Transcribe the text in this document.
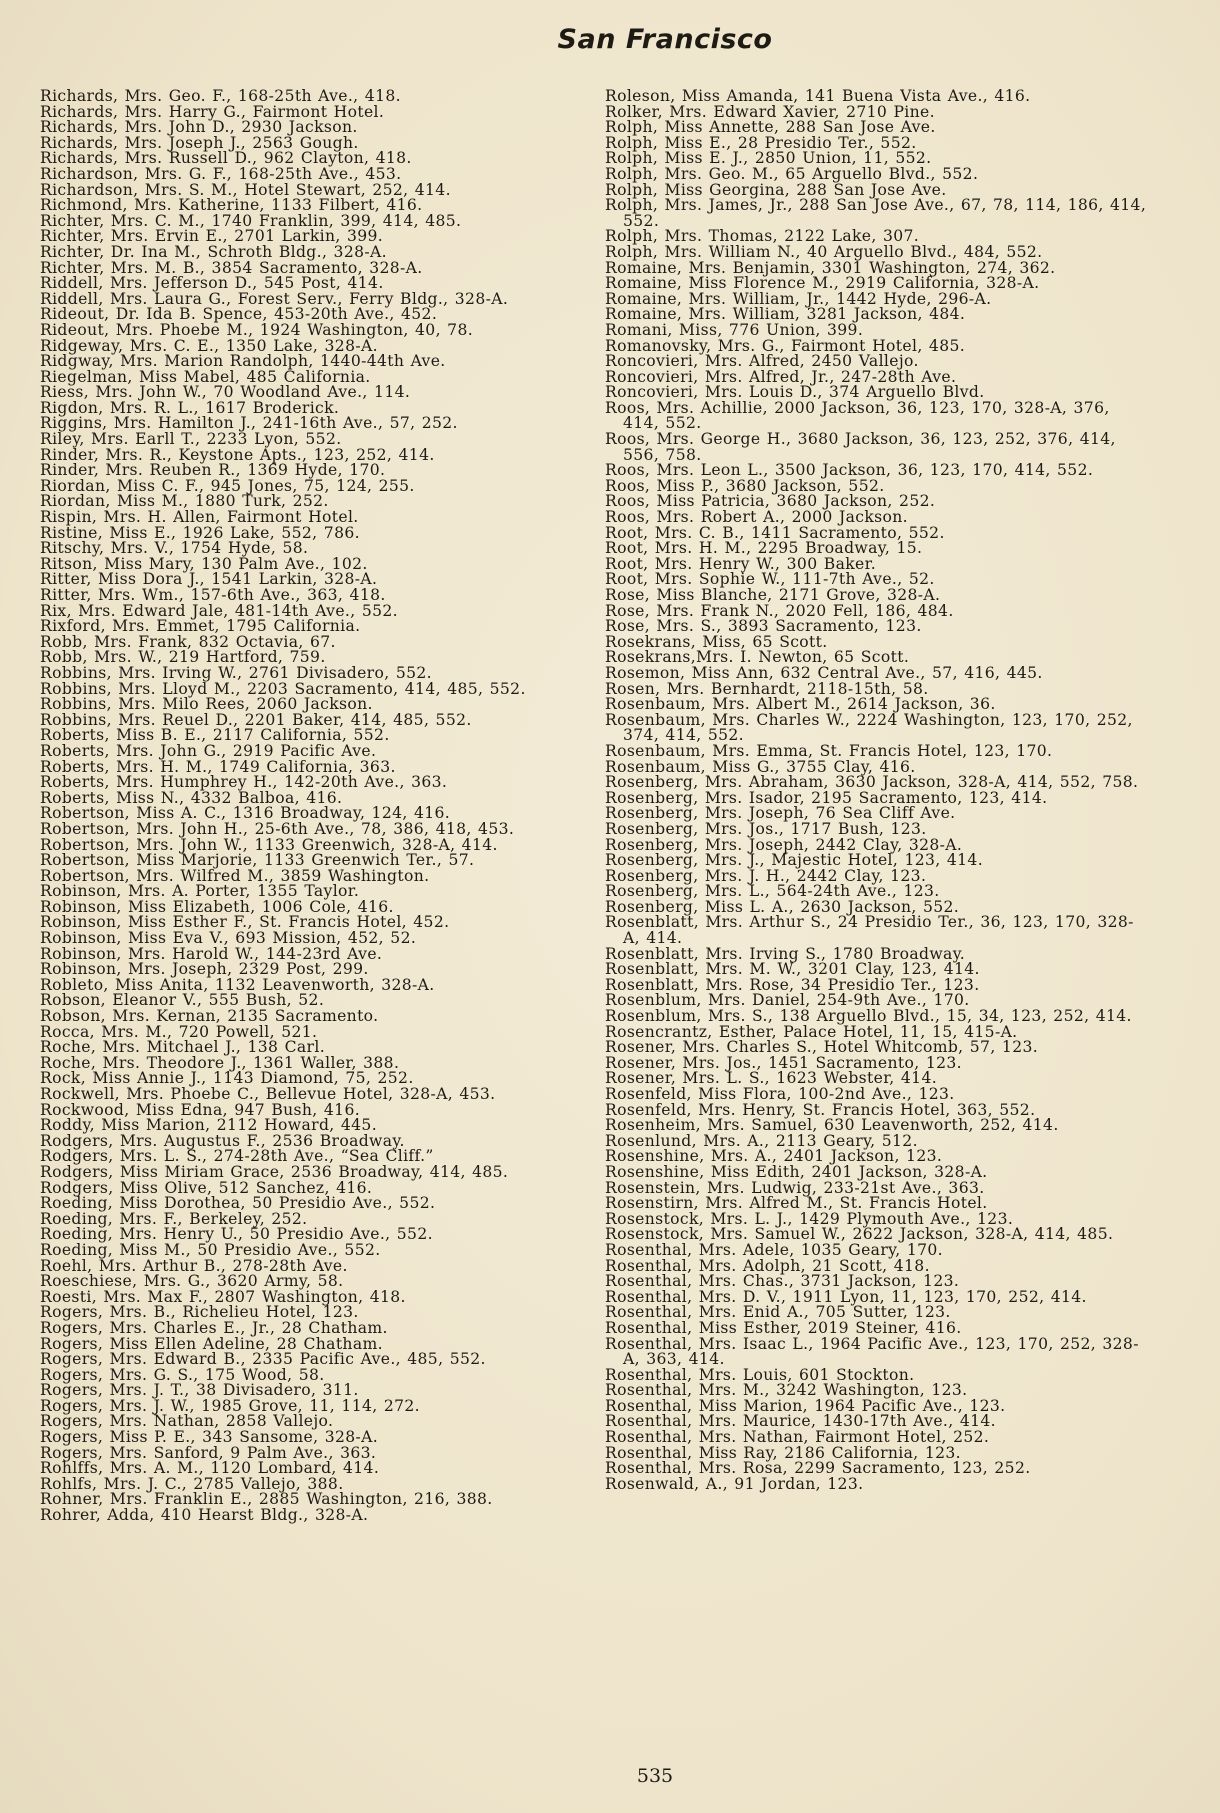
San Francisco

Richards, Mrs. Geo. F., 168-25th Ave., 418.

Richards, Mrs. Harry G., Fairmont Hotel.

Richards, Mrs. John D., 2930 Jackson.

Richards, Mrs. Joseph J., 2563 Gough.

Richards, Mrs. Russell D., 962 Clayton, 418.

Richardson, Mrs. G. F., 168-25th Ave., 453.

Richardson, Mrs. S. M., Hotel Stewart, 252, 414.

Richmond, Mrs. Katherine, 1133 Filbert, 416.

Richter, Mrs. C. M., 1740 Franklin, 399, 414, 485.

Richter, Mrs. Ervin E., 2701 Larkin, 399.

Richter, Dr. Ina M., Schroth Bldg., 328-A.

Richter, Mrs. M. B., 3854 Sacramento, 328-A.

Riddell, Mrs. Jefferson D., 545 Post, 414.

Riddell, Mrs. Laura G., Forest Serv., Ferry Bldg., 328-A.

Rideout, Dr. Ida B. Spence, 453-20th Ave., 452.

Rideout, Mrs. Phoebe M., 1924 Washington, 40, 78.

Ridgeway, Mrs. C. E., 1350 Lake, 328-A.

Ridgway, Mrs. Marion Randolph, 1440-44th Ave.

Riegelman, Miss Mabel, 485 California.

Riess, Mrs. John W., 70 Woodland Ave., 114.

Rigdon, Mrs. R. L., 1617 Broderick.

Riggins, Mrs. Hamilton J., 241-16th Ave., 57, 252.

Riley, Mrs. Earll T., 2233 Lyon, 552.

Rinder, Mrs. R., Keystone Apts., 123, 252, 414.

Rinder, Mrs. Reuben R., 1369 Hyde, 170.

Riordan, Miss C. F., 945 Jones, 75, 124, 255.

Riordan, Miss M., 1880 Turk, 252.

Rispin, Mrs. H. Allen, Fairmont Hotel.

Ristine, Miss E., 1926 Lake, 552, 786.

Ritschy, Mrs. V., 1754 Hyde, 58.

Ritson, Miss Mary, 130 Palm Ave., 102.

Ritter, Miss Dora J., 1541 Larkin, 328-A.

Ritter, Mrs. Wm., 157-6th Ave., 363, 418.

Rix, Mrs. Edward Jale, 481-14th Ave., 552.

Rixford, Mrs. Emmet, 1795 California.

Robb, Mrs. Frank, 832 Octavia, 67.

Robb, Mrs. W., 219 Hartford, 759.

Robbins, Mrs. Irving W., 2761 Divisadero, 552.

Robbins, Mrs. Lloyd M., 2203 Sacramento, 414, 485, 552.

Robbins, Mrs. Milo Rees, 2060 Jackson.

Robbins, Mrs. Reuel D., 2201 Baker, 414, 485, 552.

Roberts, Miss B. E., 2117 California, 552.

Roberts, Mrs. John G., 2919 Pacific Ave.

Roberts, Mrs. H. M., 1749 California, 363.

Roberts, Mrs. Humphrey H., 142-20th Ave., 363.

Roberts, Miss N., 4332 Balboa, 416.

Robertson, Miss A. C., 1316 Broadway, 124, 416.

Robertson, Mrs. John H., 25-6th Ave., 78, 386, 418, 453.

Robertson, Mrs. John W., 1133 Greenwich, 328-A, 414.

Robertson, Miss Marjorie, 1133 Greenwich Ter., 57.

Robertson, Mrs. Wilfred M., 3859 Washington.

Robinson, Mrs. A. Porter, 1355 Taylor.

Robinson, Miss Elizabeth, 1006 Cole, 416.

Robinson, Miss Esther F., St. Francis Hotel, 452.

Robinson, Miss Eva V., 693 Mission, 452, 52.

Robinson, Mrs. Harold W., 144-23rd Ave.

Robinson, Mrs. Joseph, 2329 Post, 299.

Robleto, Miss Anita, 1132 Leavenworth, 328-A.

Robson, Eleanor V., 555 Bush, 52.

Robson, Mrs. Kernan, 2135 Sacramento.

Rocca, Mrs. M., 720 Powell, 521.

Roche, Mrs. Mitchael J., 138 Carl.

Roche, Mrs. Theodore J., 1361 Waller, 388.

Rock, Miss Annie J., 1143 Diamond, 75, 252.

Rockwell, Mrs. Phoebe C., Bellevue Hotel, 328-A, 453.

Rockwood, Miss Edna, 947 Bush, 416.

Roddy, Miss Marion, 2112 Howard, 445.

Rodgers, Mrs. Augustus F., 2536 Broadway.

Rodgers, Mrs. L. S., 274-28th Ave., “Sea Cliff.”

Rodgers, Miss Miriam Grace, 2536 Broadway, 414, 485.

Rodgers, Miss Olive, 512 Sanchez, 416.

Roeding, Miss Dorothea, 50 Presidio Ave., 552.

Roeding, Mrs. F., Berkeley, 252.

Roeding, Mrs. Henry U., 50 Presidio Ave., 552.

Roeding, Miss M., 50 Presidio Ave., 552.

Roehl, Mrs. Arthur B., 278-28th Ave.

Roeschiese, Mrs. G., 3620 Army, 58.

Roesti, Mrs. Max F., 2807 Washington, 418.

Rogers, Mrs. B., Richelieu Hotel, 123.

Rogers, Mrs. Charles E., Jr., 28 Chatham.

Rogers, Miss Ellen Adeline, 28 Chatham.

Rogers, Mrs. Edward B., 2335 Pacific Ave., 485, 552.

Rogers, Mrs. G. S., 175 Wood, 58.

Rogers, Mrs. J. T., 38 Divisadero, 311.

Rogers, Mrs. J. W., 1985 Grove, 11, 114, 272.

Rogers, Mrs. Nathan, 2858 Vallejo.

Rogers, Miss P. E., 343 Sansome, 328-A.

Rogers, Mrs. Sanford, 9 Palm Ave., 363.

Rohlffs, Mrs. A. M., 1120 Lombard, 414.

Rohlfs, Mrs. J. C., 2785 Vallejo, 388.

Rohner, Mrs. Franklin E., 2885 Washington, 216, 388.

Rohrer, Adda, 410 Hearst Bldg., 328-A.

Roleson, Miss Amanda, 141 Buena Vista Ave., 416.

Rolker, Mrs. Edward Xavier, 2710 Pine.

Rolph, Miss Annette, 288 San Jose Ave.

Rolph, Miss E., 28 Presidio Ter., 552.

Rolph, Miss E. J., 2850 Union, 11, 552.

Rolph, Mrs. Geo. M., 65 Arguello Blvd., 552.

Rolph, Miss Georgina, 288 San Jose Ave.

Rolph, Mrs. James, Jr., 288 San Jose Ave., 67, 78, 114, 186, 414, 552.

Rolph, Mrs. Thomas, 2122 Lake, 307.

Rolph, Mrs. William N., 40 Arguello Blvd., 484, 552.

Romaine, Mrs. Benjamin, 3301 Washington, 274, 362.

Romaine, Miss Florence M., 2919 California, 328-A.

Romaine, Mrs. William, Jr., 1442 Hyde, 296-A.

Romaine, Mrs. William, 3281 Jackson, 484.

Romani, Miss, 776 Union, 399.

Romanovsky, Mrs. G., Fairmont Hotel, 485.

Roncovieri, Mrs. Alfred, 2450 Vallejo.

Roncovieri, Mrs. Alfred, Jr., 247-28th Ave.

Roncovieri, Mrs. Louis D., 374 Arguello Blvd.

Roos, Mrs. Achillie, 2000 Jackson, 36, 123, 170, 328-A, 376, 414, 552.

Roos, Mrs. George H., 3680 Jackson, 36, 123, 252, 376, 414, 556, 758.

Roos, Mrs. Leon L., 3500 Jackson, 36, 123, 170, 414, 552.

Roos, Miss P., 3680 Jackson, 552.

Roos, Miss Patricia, 3680 Jackson, 252.

Roos, Mrs. Robert A., 2000 Jackson.

Root, Mrs. C. B., 1411 Sacramento, 552.

Root, Mrs. H. M., 2295 Broadway, 15.

Root, Mrs. Henry W., 300 Baker.

Root, Mrs. Sophie W., 111-7th Ave., 52.

Rose, Miss Blanche, 2171 Grove, 328-A.

Rose, Mrs. Frank N., 2020 Fell, 186, 484.

Rose, Mrs. S., 3893 Sacramento, 123.

Rosekrans, Miss, 65 Scott.

Rosekrans,Mrs. I. Newton, 65 Scott.

Rosemon, Miss Ann, 632 Central Ave., 57, 416, 445.

Rosen, Mrs. Bernhardt, 2118-15th, 58.

Rosenbaum, Mrs. Albert M., 2614 Jackson, 36.

Rosenbaum, Mrs. Charles W., 2224 Washington, 123, 170, 252, 374, 414, 552.

Rosenbaum, Mrs. Emma, St. Francis Hotel, 123, 170.

Rosenbaum, Miss G., 3755 Clay, 416.

Rosenberg, Mrs. Abraham, 3630 Jackson, 328-A, 414, 552, 758.

Rosenberg, Mrs. Isador, 2195 Sacramento, 123, 414.

Rosenberg, Mrs. Joseph, 76 Sea Cliff Ave.

Rosenberg, Mrs. Jos., 1717 Bush, 123.

Rosenberg, Mrs. Joseph, 2442 Clay, 328-A.

Rosenberg, Mrs. J., Majestic Hotel, 123, 414.

Rosenberg, Mrs. J. H., 2442 Clay, 123.

Rosenberg, Mrs. L., 564-24th Ave., 123.

Rosenberg, Miss L. A., 2630 Jackson, 552.

Rosenblatt, Mrs. Arthur S., 24 Presidio Ter., 36, 123, 170, 328-A, 414.

Rosenblatt, Mrs. Irving S., 1780 Broadway.

Rosenblatt, Mrs. M. W., 3201 Clay, 123, 414.

Rosenblatt, Mrs. Rose, 34 Presidio Ter., 123.

Rosenblum, Mrs. Daniel, 254-9th Ave., 170.

Rosenblum, Mrs. S., 138 Arguello Blvd., 15, 34, 123, 252, 414.

Rosencrantz, Esther, Palace Hotel, 11, 15, 415-A.

Rosener, Mrs. Charles S., Hotel Whitcomb, 57, 123.

Rosener, Mrs. Jos., 1451 Sacramento, 123.

Rosener, Mrs. L. S., 1623 Webster, 414.

Rosenfeld, Miss Flora, 100-2nd Ave., 123.

Rosenfeld, Mrs. Henry, St. Francis Hotel, 363, 552.

Rosenheim, Mrs. Samuel, 630 Leavenworth, 252, 414.

Rosenlund, Mrs. A., 2113 Geary, 512.

Rosenshine, Mrs. A., 2401 Jackson, 123.

Rosenshine, Miss Edith, 2401 Jackson, 328-A.

Rosenstein, Mrs. Ludwig, 233-21st Ave., 363.

Rosenstirn, Mrs. Alfred M., St. Francis Hotel.

Rosenstock, Mrs. L. J., 1429 Plymouth Ave., 123.

Rosenstock, Mrs. Samuel W., 2622 Jackson, 328-A, 414, 485.

Rosenthal, Mrs. Adele, 1035 Geary, 170.

Rosenthal, Mrs. Adolph, 21 Scott, 418.

Rosenthal, Mrs. Chas., 3731 Jackson, 123.

Rosenthal, Mrs. D. V., 1911 Lyon, 11, 123, 170, 252, 414.

Rosenthal, Mrs. Enid A., 705 Sutter, 123.

Rosenthal, Miss Esther, 2019 Steiner, 416.

Rosenthal, Mrs. Isaac L., 1964 Pacific Ave., 123, 170, 252, 328-A, 363, 414.

Rosenthal, Mrs. Louis, 601 Stockton.

Rosenthal, Mrs. M., 3242 Washington, 123.

Rosenthal, Miss Marion, 1964 Pacific Ave., 123.

Rosenthal, Mrs. Maurice, 1430-17th Ave., 414.

Rosenthal, Mrs. Nathan, Fairmont Hotel, 252.

Rosenthal, Miss Ray, 2186 California, 123.

Rosenthal, Mrs. Rosa, 2299 Sacramento, 123, 252.

Rosenwald, A., 91 Jordan, 123.

535
